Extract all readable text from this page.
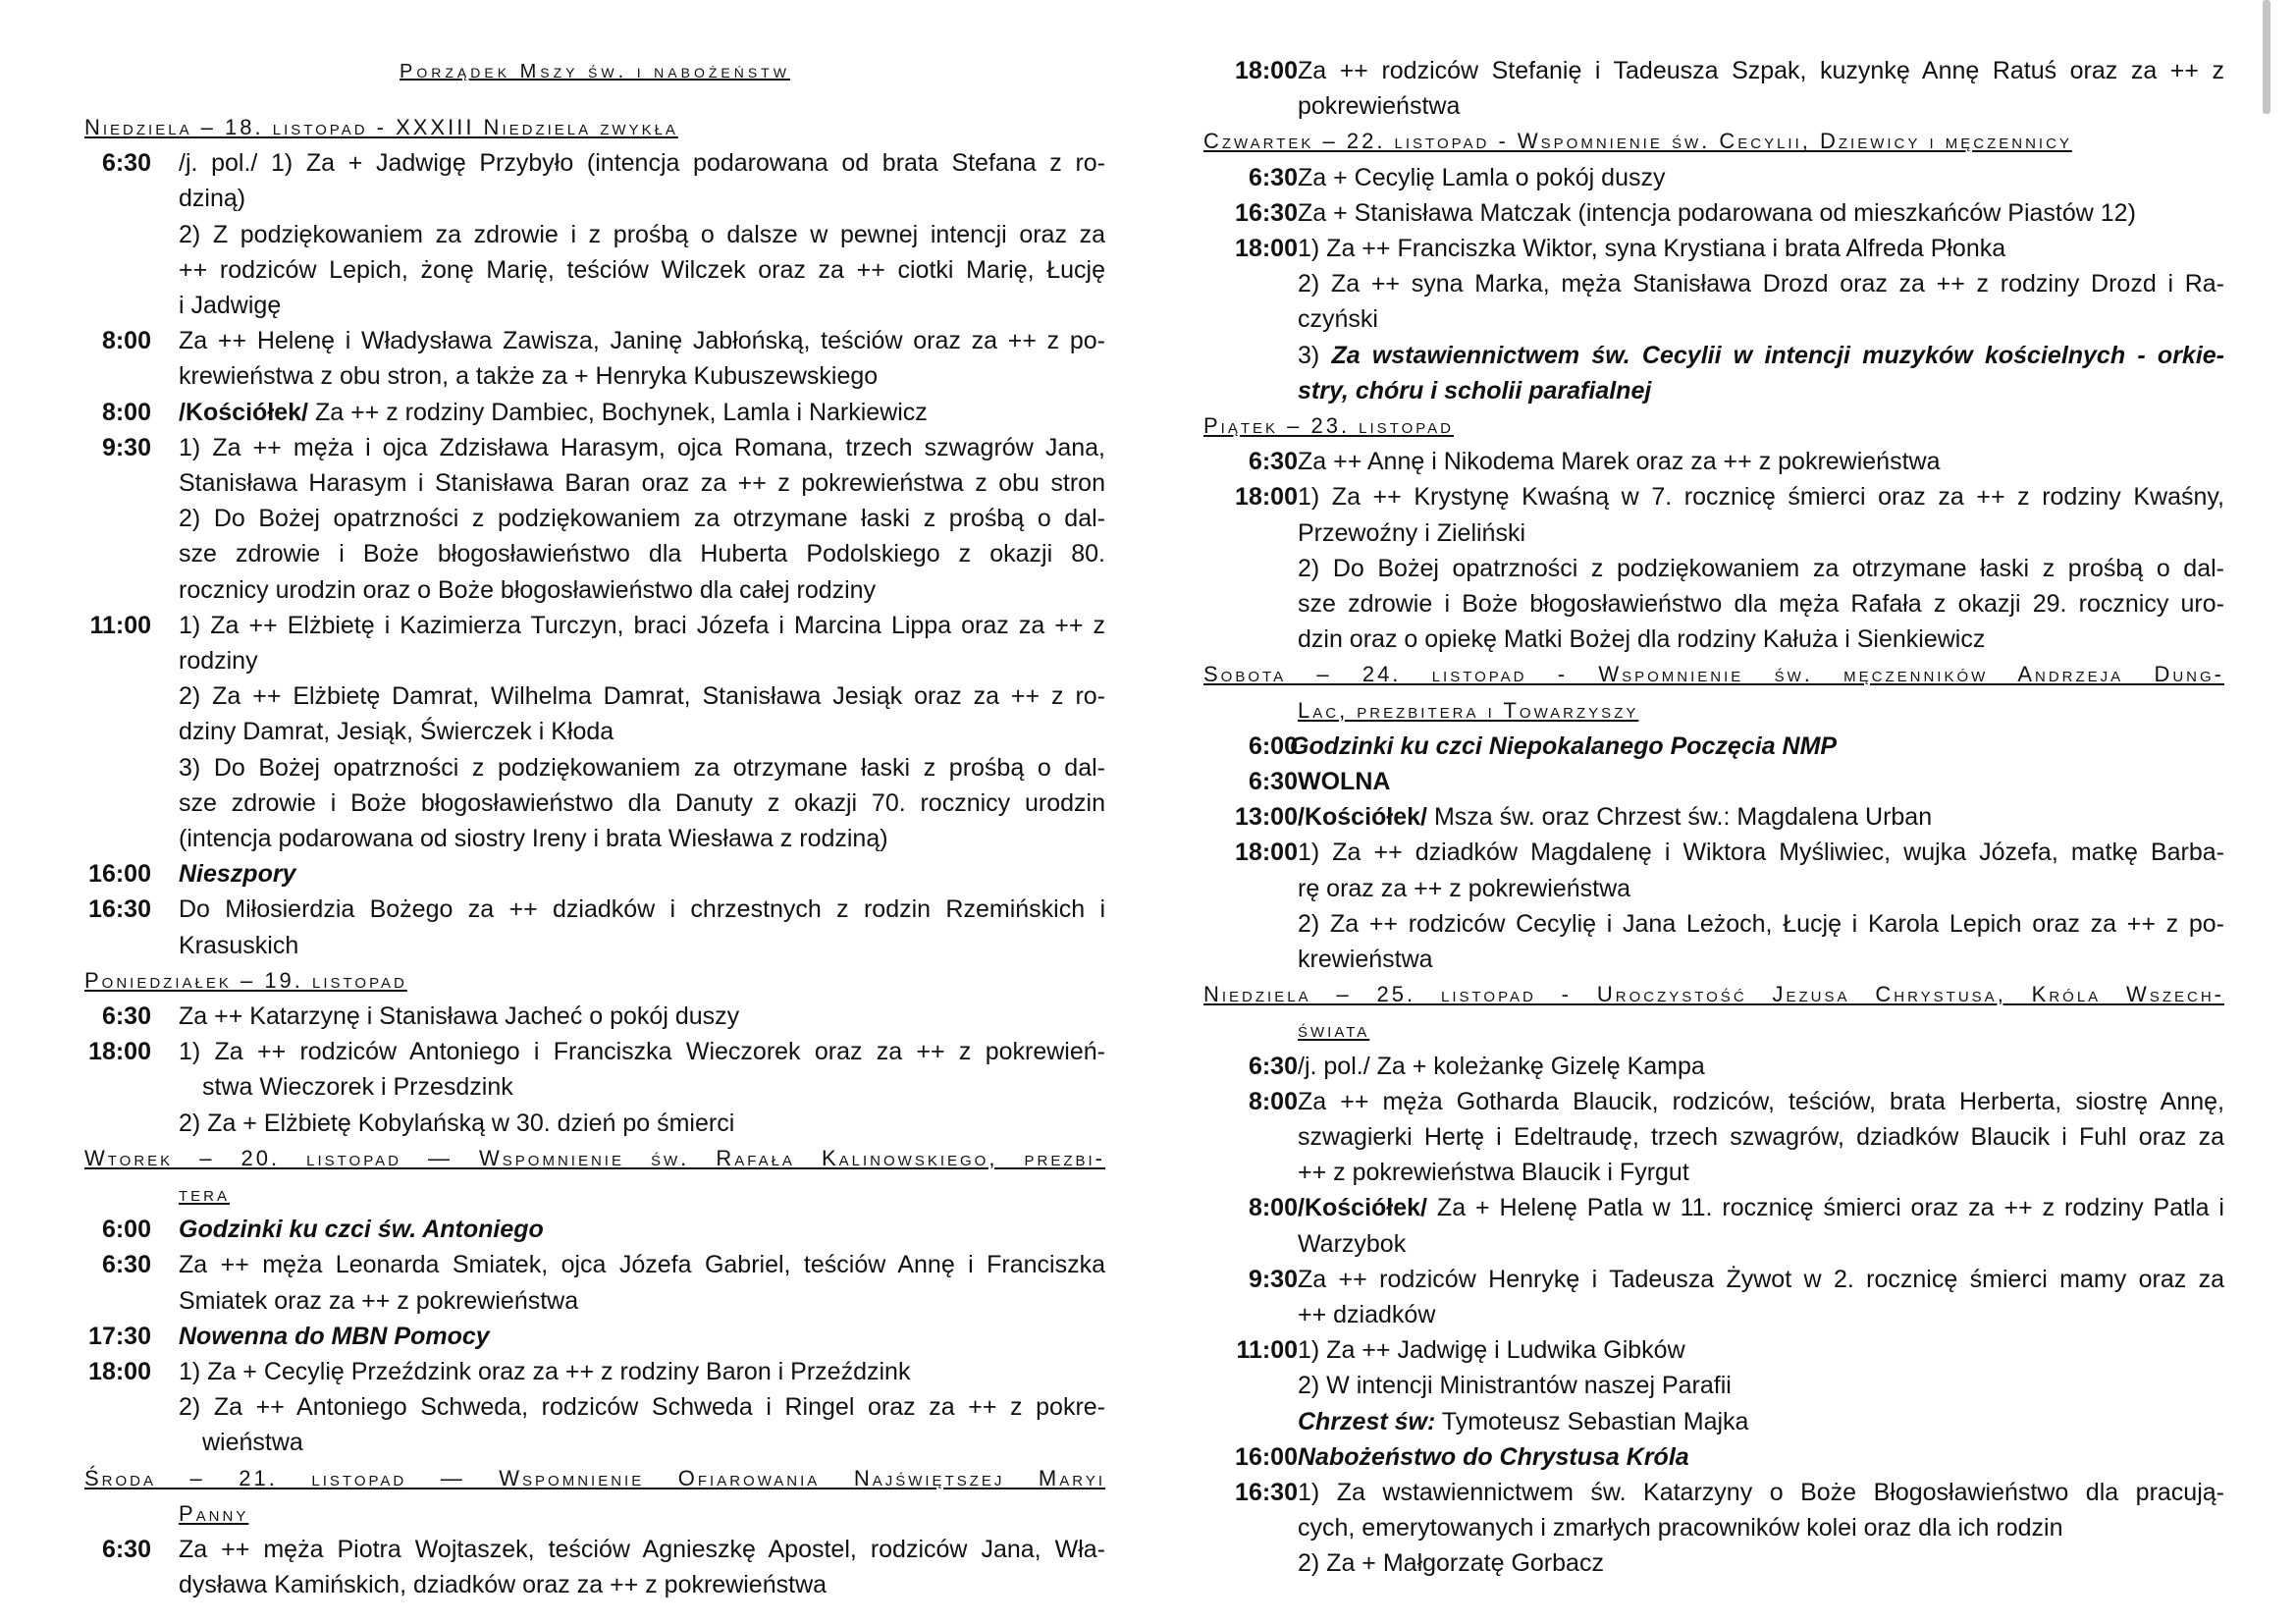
Porządek Mszy św. i nabożeństw
Niedziela – 18. listopad - XXXIII Niedziela zwykła
6:30 /j. pol./ 1) Za + Jadwigę Przybyło (intencja podarowana od brata Stefana z ro-
dziną)
2) Z podziękowaniem za zdrowie i z prośbą o dalsze w pewnej intencji oraz za
++ rodziców Lepich, żonę Marię, teściów Wilczek oraz za ++ ciotki Marię, Łucję
i Jadwigę
8:00 Za ++ Helenę i Władysława Zawisza, Janinę Jabłońską, teściów oraz za ++ z po-
krewieństwa z obu stron, a także za + Henryka Kubuszewskiego
8:00 /Kościółek/ Za ++ z rodziny Dambiec, Bochynek, Lamla i Narkiewicz
9:30 1) Za ++ męża i ojca Zdzisława Harasym, ojca Romana, trzech szwagrów Jana,
Stanisława Harasym i Stanisława Baran oraz za ++ z pokrewieństwa z obu stron
2) Do Bożej opatrzności z podziękowaniem za otrzymane łaski z prośbą o dal-
sze zdrowie i Boże błogosławieństwo dla Huberta Podolskiego z okazji 80.
rocznicy urodzin oraz o Boże błogosławieństwo dla całej rodziny
11:00 1) Za ++ Elżbietę i Kazimierza Turczyn, braci Józefa i Marcina Lippa oraz za ++ z
rodziny
2) Za ++ Elżbietę Damrat, Wilhelma Damrat, Stanisława Jesiąk oraz za ++ z ro-
dziny Damrat, Jesiąk, Świerczek i Kłoda
3) Do Bożej opatrzności z podziękowaniem za otrzymane łaski z prośbą o dal-
sze zdrowie i Boże błogosławieństwo dla Danuty z okazji 70. rocznicy urodzin
(intencja podarowana od siostry Ireny i brata Wiesława z rodziną)
16:00 Nieszpory
16:30 Do Miłosierdzia Bożego za ++ dziadków i chrzestnych z rodzin Rzemińskich i
Krasuskich
Poniedziałek – 19. listopad
6:30 Za ++ Katarzynę i Stanisława Jacheć o pokój duszy
18:00 1) Za ++ rodziców Antoniego i Franciszka Wieczorek oraz za ++ z pokrewień-
stwa Wieczorek i Przesdzink
2) Za + Elżbietę Kobylańską w 30. dzień po śmierci
Wtorek – 20. listopad — Wspomnienie św. Rafała Kalinowskiego, prezbi-
tera
6:00 Godzinki ku czci św. Antoniego
6:30 Za ++ męża Leonarda Smiatek, ojca Józefa Gabriel, teściów Annę i Franciszka
Smiatek oraz za ++ z pokrewieństwa
17:30 Nowenna do MBN Pomocy
18:00 1) Za + Cecylię Przeździnk oraz za ++ z rodziny Baron i Przeździnk
2) Za ++ Antoniego Schweda, rodziców Schweda i Ringel oraz za ++ z pokre-
wieństwa
Środa – 21. listopad — Wspomnienie Ofiarowania Najświętszej Maryi
Panny
6:30 Za ++ męża Piotra Wojtaszek, teściów Agnieszkę Apostel, rodziców Jana, Wła-
dysława Kamińskich, dziadków oraz za ++ z pokrewieństwa
18:00 Za ++ rodziców Stefanię i Tadeusza Szpak, kuzynkę Annę Ratuś oraz za ++ z
pokrewieństwa
Czwartek – 22. listopad - Wspomnienie św. Cecylii, Dziewicy i męczennicy
6:30 Za + Cecylię Lamla o pokój duszy
16:30 Za + Stanisława Matczak (intencja podarowana od mieszkańców Piastów 12)
18:00 1) Za ++ Franciszka Wiktor, syna Krystiana i brata Alfreda Płonka
2) Za ++ syna Marka, męża Stanisława Drozd oraz za ++ z rodziny Drozd i Ra-
czyński
3) Za wstawiennictwem św. Cecylii w intencji muzyków kościelnych - orkie-
stry, chóru i scholii parafialnej
Piątek – 23. listopad
6:30 Za ++ Annę i Nikodema Marek oraz za ++ z pokrewieństwa
18:00 1) Za ++ Krystynę Kwaśną w 7. rocznicę śmierci oraz za ++ z rodziny Kwaśny,
Przewoźny i Zieliński
2) Do Bożej opatrzności z podziękowaniem za otrzymane łaski z prośbą o dal-
sze zdrowie i Boże błogosławieństwo dla męża Rafała z okazji 29. rocznicy uro-
dzin oraz o opiekę Matki Bożej dla rodziny Kałuża i Sienkiewicz
Sobota – 24. listopad - Wspomnienie św. męczenników Andrzeja Dung-
Lac, prezbitera i Towarzyszy
6:00
Godzinki ku czci Niepokalanego Poczęcia NMP
6:30 WOLNA
13:00 /Kościółek/ Msza św. oraz Chrzest św.: Magdalena Urban
18:00 1) Za ++ dziadków Magdalenę i Wiktora Myśliwiec, wujka Józefa, matkę Barba-
rę oraz za ++ z pokrewieństwa
2) Za ++ rodziców Cecylię i Jana Leżoch, Łucję i Karola Lepich oraz za ++ z po-
krewieństwa
Niedziela – 25. listopad - Uroczystość Jezusa Chrystusa, Króla Wszech-
świata
6:30 /j. pol./ Za + koleżankę Gizelę Kampa
8:00 Za ++ męża Gotharda Blaucik, rodziców, teściów, brata Herberta, siostrę Annę,
szwagierki Hertę i Edeltraudę, trzech szwagrów, dziadków Blaucik i Fuhl oraz za
++ z pokrewieństwa Blaucik i Fyrgut
8:00 /Kościółek/ Za + Helenę Patla w 11. rocznicę śmierci oraz za ++ z rodziny Patla i
Warzybok
9:30 Za ++ rodziców Henrykę i Tadeusza Żywot w 2. rocznicę śmierci mamy oraz za
++ dziadków
11:00 1) Za ++ Jadwigę i Ludwika Gibków
2) W intencji Ministrantów naszej Parafii
Chrzest św: Tymoteusz Sebastian Majka
16:00 Nabożeństwo do Chrystusa Króla
16:30 1) Za wstawiennictwem św. Katarzyny o Boże Błogosławieństwo dla pracują-
cych, emerytowanych i zmarłych pracowników kolei oraz dla ich rodzin
2) Za + Małgorzatę Gorbacz
